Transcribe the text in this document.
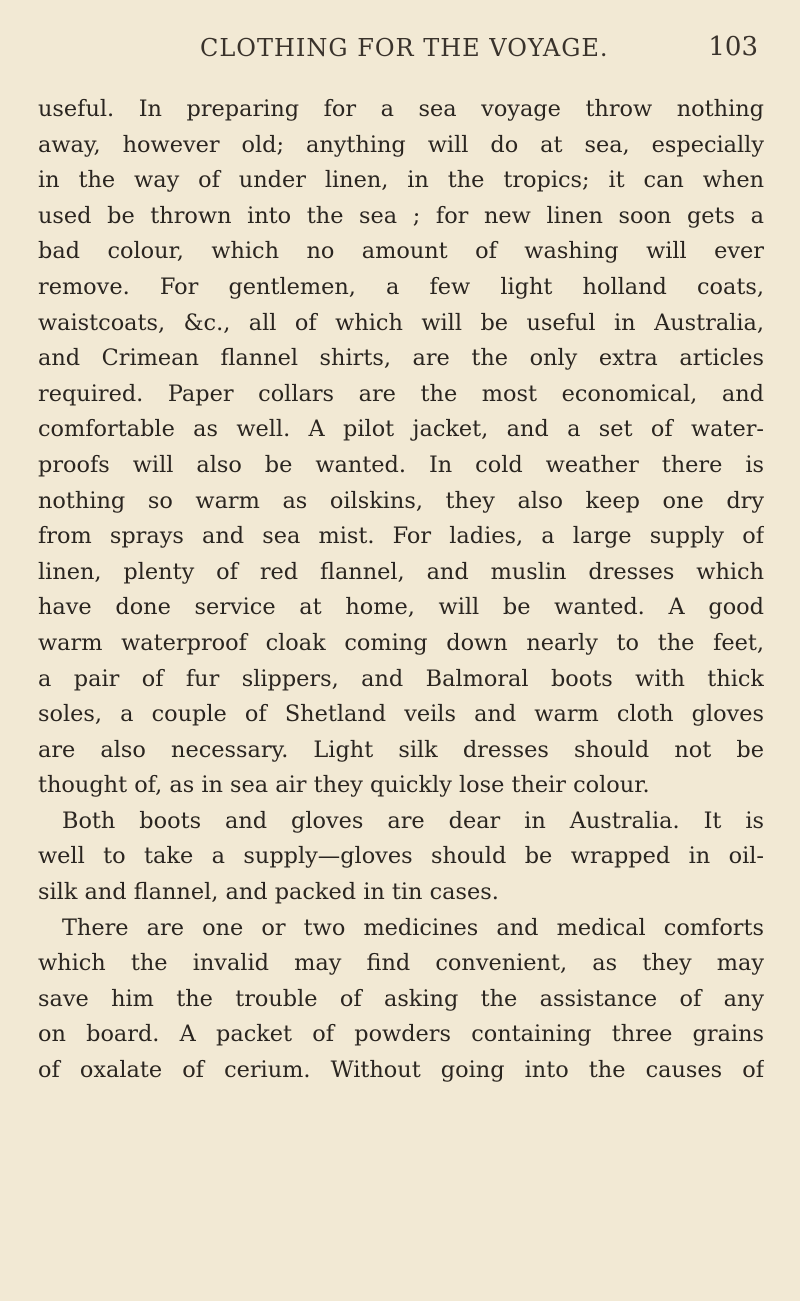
CLOTHING FOR THE VOYAGE.	103

useful. In preparing for a sea voyage throw nothing
away, however old; anything will do at sea, especially
in the way of under linen, in the tropics; it can when
used be thrown into the sea ; for new linen soon gets a
bad colour, which no amount of washing will ever
remove. For gentlemen, a few light holland coats,
waistcoats, &c., all of which will be useful in Australia,
and Crimean flannel shirts, are the only extra articles
required. Paper collars are the most economical, and
comfortable as well. A pilot jacket, and a set of water-
proofs will also be wanted. In cold weather there is
nothing so warm as oilskins, they also keep one dry
from sprays and sea mist. For ladies, a large supply of
linen, plenty of red flannel, and muslin dresses which
have done service at home, will be wanted. A good
warm waterproof cloak coming down nearly to the feet,
a pair of fur slippers, and Balmoral boots with thick
soles, a couple of Shetland veils and warm cloth gloves
are also necessary. Light silk dresses should not be
thought of, as in sea air they quickly lose their colour.

Both boots and gloves are dear in Australia. It is
well to take a supply—gloves should be wrapped in oil-
silk and flannel, and packed in tin cases.

There are one or two medicines and medical comforts
which the invalid may find convenient, as they may
save him the trouble of asking the assistance of any
on board. A packet of powders containing three grains
of oxalate of cerium. Without going into the causes of
